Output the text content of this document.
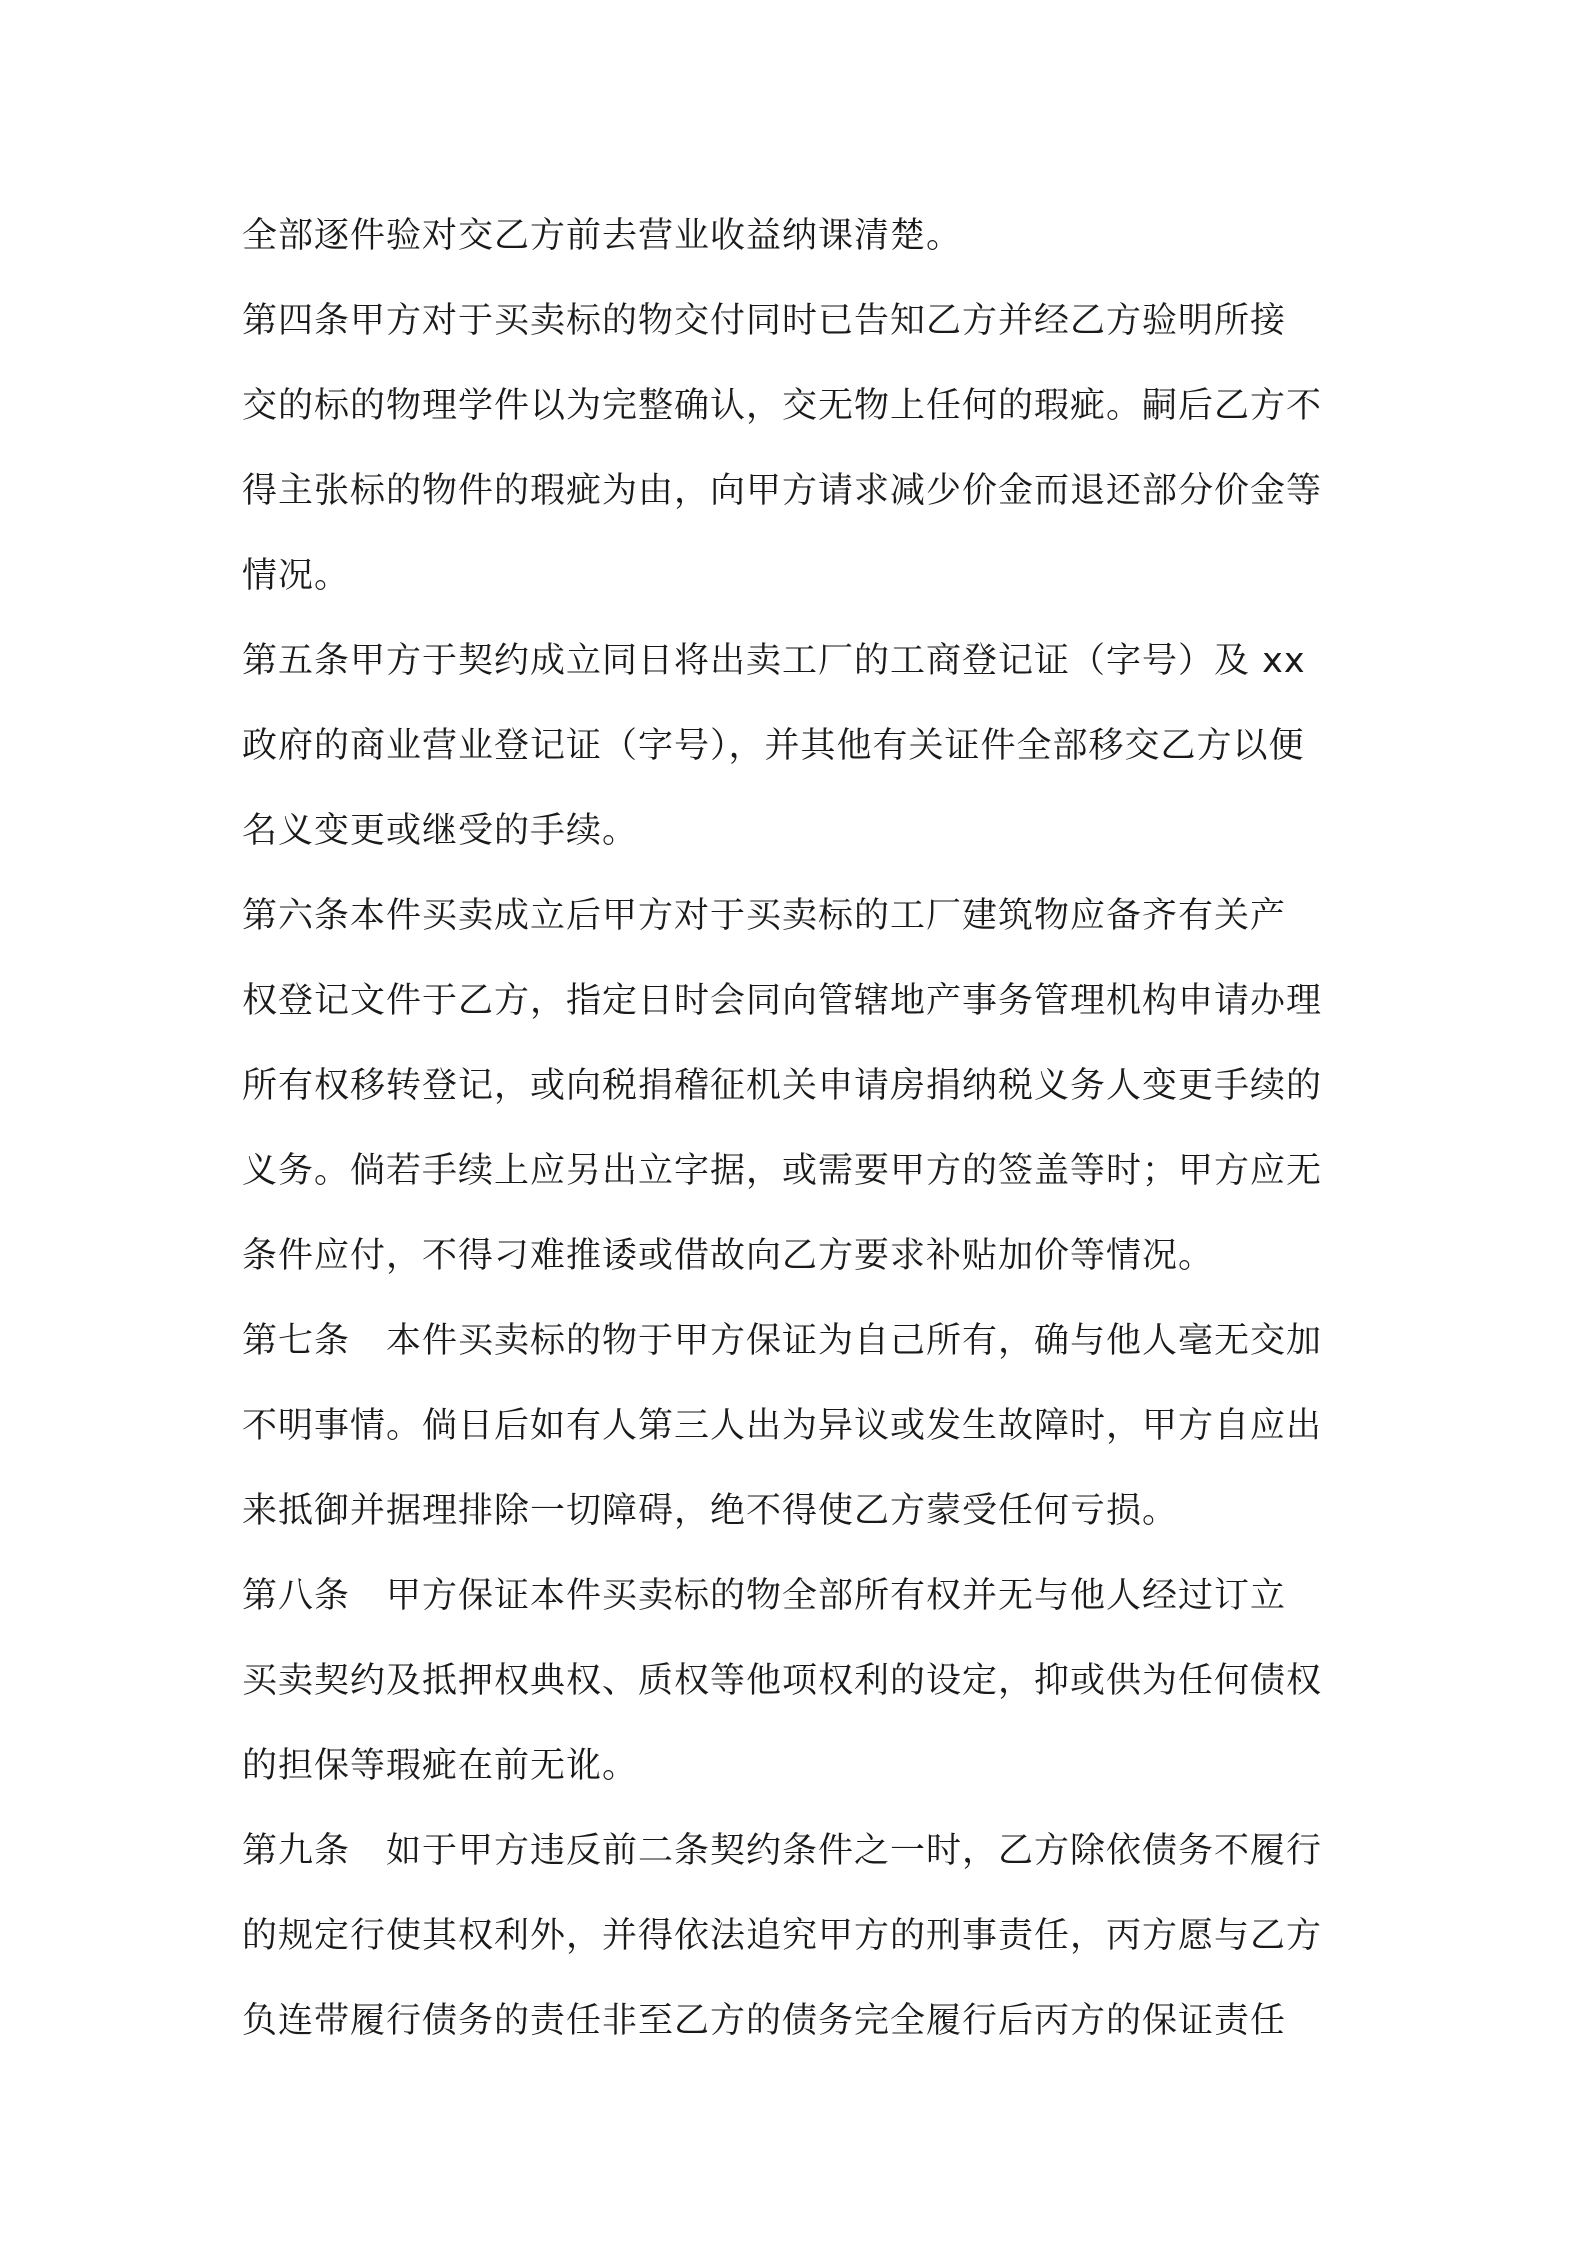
全部逐件验对交乙方前去营业收益纳课清楚。
第四条甲方对于买卖标的物交付同时已告知乙方并经乙方验明所接
交的标的物理学件以为完整确认，交无物上任何的瑕疵。嗣后乙方不
得主张标的物件的瑕疵为由，向甲方请求减少价金而退还部分价金等
情况。
第五条甲方于契约成立同日将出卖工厂的工商登记证（字号）及 xx
政府的商业营业登记证（字号），并其他有关证件全部移交乙方以便
名义变更或继受的手续。
第六条本件买卖成立后甲方对于买卖标的工厂建筑物应备齐有关产
权登记文件于乙方，指定日时会同向管辖地产事务管理机构申请办理
所有权移转登记，或向税捐稽征机关申请房捐纳税义务人变更手续的
义务。倘若手续上应另出立字据，或需要甲方的签盖等时；甲方应无
条件应付，不得刁难推诿或借故向乙方要求补贴加价等情况。
第七条　本件买卖标的物于甲方保证为自己所有，确与他人毫无交加
不明事情。倘日后如有人第三人出为异议或发生故障时，甲方自应出
来抵御并据理排除一切障碍，绝不得使乙方蒙受任何亏损。
第八条　甲方保证本件买卖标的物全部所有权并无与他人经过订立
买卖契约及抵押权典权、质权等他项权利的设定，抑或供为任何债权
的担保等瑕疵在前无讹。
第九条　如于甲方违反前二条契约条件之一时，乙方除依债务不履行
的规定行使其权利外，并得依法追究甲方的刑事责任，丙方愿与乙方
负连带履行债务的责任非至乙方的债务完全履行后丙方的保证责任
